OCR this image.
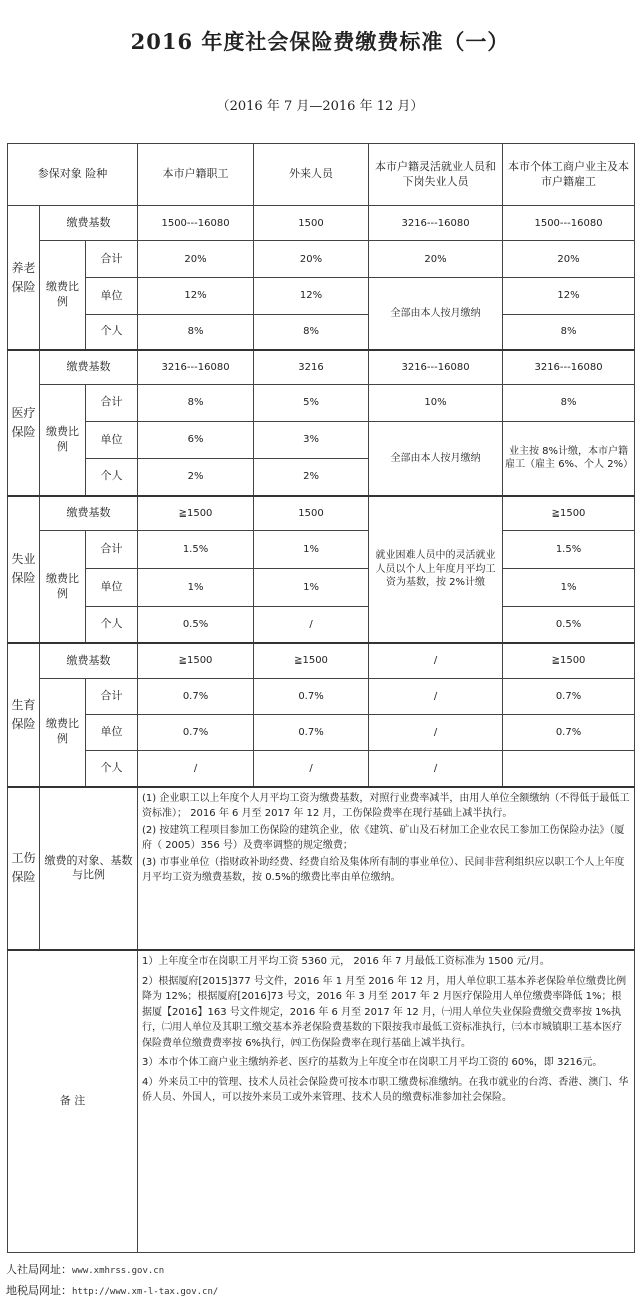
2016 年度社会保险费缴费标准（一）
（2016 年 7 月—2016 年 12 月）
参保对象 险种			本市户籍职工	外来人员	本市户籍灵活就业人员和下岗失业人员	本市个体工商户业主及本市户籍雇工

养老保险	缴费基数		1500---16080	1500	3216---16080	1500---16080
	缴费比例	合计	20%	20%	20%	20%
		单位	12%	12%	全部由本人按月缴纳	12%
		个人	8%	8%		8%

医疗保险	缴费基数		3216---16080	3216	3216---16080	3216---16080
	缴费比例	合计	8%	5%	10%	8%
		单位	6%	3%	全部由本人按月缴纳	业主按 8%计缴，本市户籍雇工（雇主 6%、个人 2%）
		个人	2%	2%		

失业保险	缴费基数		≧1500	1500	就业困难人员中的灵活就业人员以个人上年度月平均工资为基数，按 2%计缴	≧1500
	缴费比例	合计	1.5%	1%		1.5%
		单位	1%	1%		1%
		个人	0.5%	/		0.5%

生育保险	缴费基数		≧1500	≧1500	/	≧1500
	缴费比例	合计	0.7%	0.7%	/	0.7%
		单位	0.7%	0.7%	/	0.7%
		个人	/	/	/	

工伤保险	缴费的对象、基数与比例		(1) 企业职工以上年度个人月平均工资为缴费基数，对照行业费率减半，由用人单位全额缴纳（不得低于最低工资标准）； 2016 年 6 月至 2017 年 12 月，工伤保险费率在现行基础上减半执行。

(2) 按建筑工程项目参加工伤保险的建筑企业，依《建筑、矿山及石材加工企业农民工参加工伤保险办法》（厦府（ 2005）356 号）及费率调整的规定缴费；

(3) 市事业单位（指财政补助经费、经费自给及集体所有制的事业单位）、民间非营利组织应以职工个人上年度月平均工资为缴费基数，按 0.5%的缴费比率由单位缴纳。			

备 注			1）上年度全市在岗职工月平均工资 5360 元， 2016 年 7 月最低工资标准为 1500 元/月。

2）根据厦府[2015]377 号文件，2016 年 1 月至 2016 年 12 月，用人单位职工基本养老保险单位缴费比例降为 12%；根据厦府[2016]73 号文，2016 年 3 月至 2017 年 2 月医疗保险用人单位缴费率降低 1%；根据厦【2016】163 号文件规定，2016 年 6 月至 2017 年 12 月，㈠用人单位失业保险费缴交费率按 1%执行，㈡用人单位及其职工缴交基本养老保险费基数的下限按我市最低工资标准执行，㈢本市城镇职工基本医疗保险费单位缴费费率按 6%执行，㈣工伤保险费率在现行基础上减半执行。

3）本市个体工商户业主缴纳养老、医疗的基数为上年度全市在岗职工月平均工资的 60%，即 3216元。

4）外来员工中的管理、技术人员社会保险费可按本市职工缴费标准缴纳。在我市就业的台湾、香港、澳门、华侨人员、外国人，可以按外来员工或外来管理、技术人员的缴费标准参加社会保险。			

人社局网址：www.xmhrss.gov.cn
地税局网址：http://www.xm-l-tax.gov.cn/
